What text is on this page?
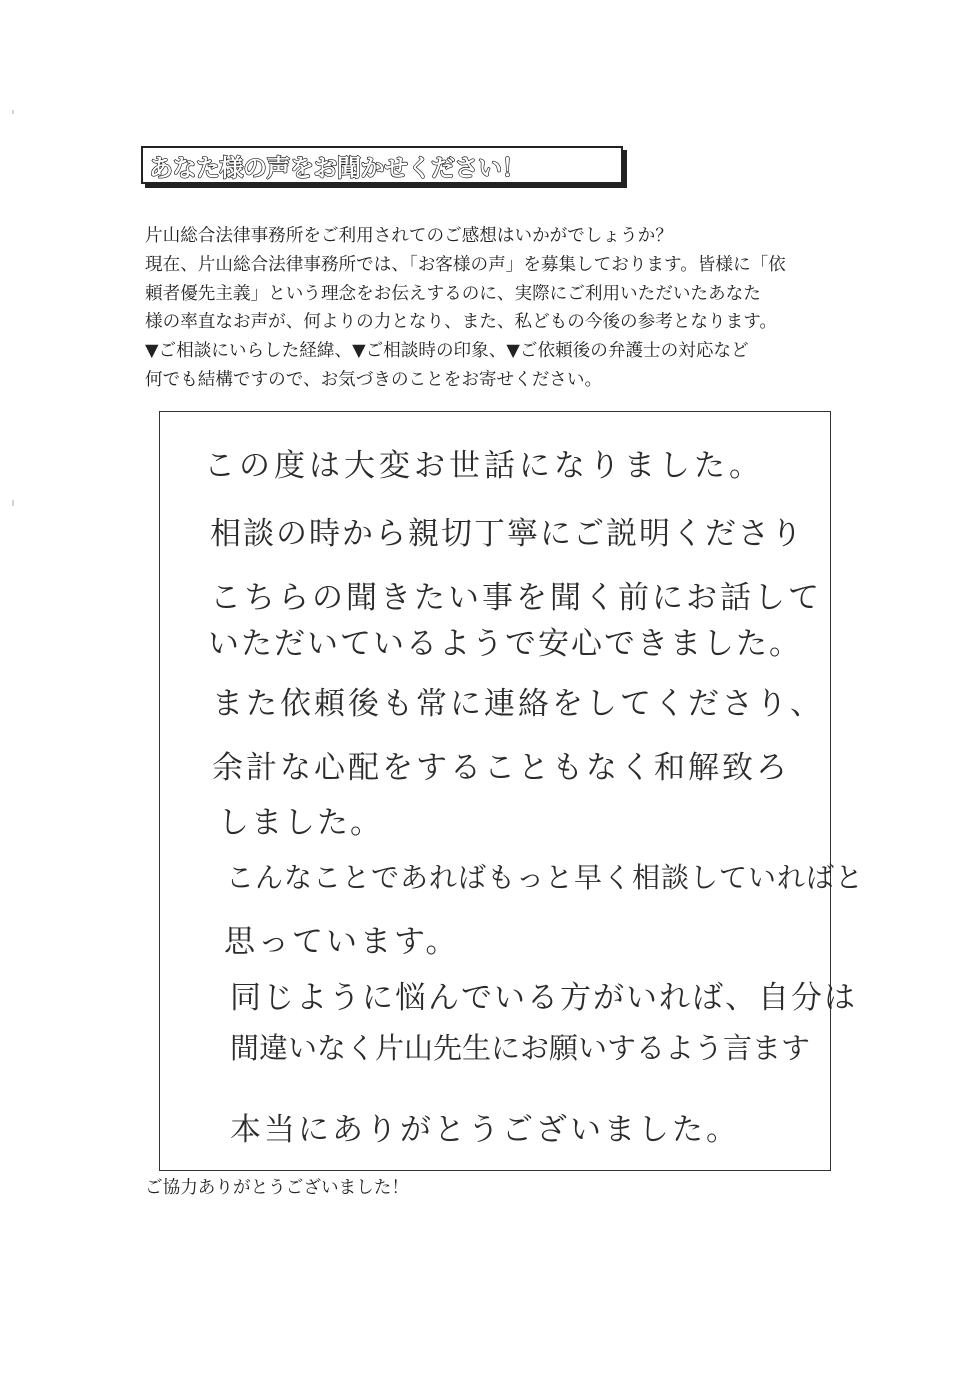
あなた様の声をお聞かせください！
片山総合法律事務所をご利用されてのご感想はいかがでしょうか？
現在、片山総合法律事務所では、「お客様の声」を募集しております。皆様に「依
頼者優先主義」という理念をお伝えするのに、実際にご利用いただいたあなた
様の率直なお声が、何よりの力となり、また、私どもの今後の参考となります。
▼ご相談にいらした経緯、▼ご相談時の印象、▼ご依頼後の弁護士の対応など
何でも結構ですので、お気づきのことをお寄せください。
この度は大変お世話になりました。
相談の時から親切丁寧にご説明くださり
こちらの聞きたい事を聞く前にお話して
いただいているようで安心できました。
また依頼後も常に連絡をしてくださり、
余計な心配をすることもなく和解致ろ
しました。
こんなことであればもっと早く相談していればと
思っています。
同じように悩んでいる方がいれば、自分は
間違いなく片山先生にお願いするよう言ます
本当にありがとうございました。
ご協力ありがとうございました！
